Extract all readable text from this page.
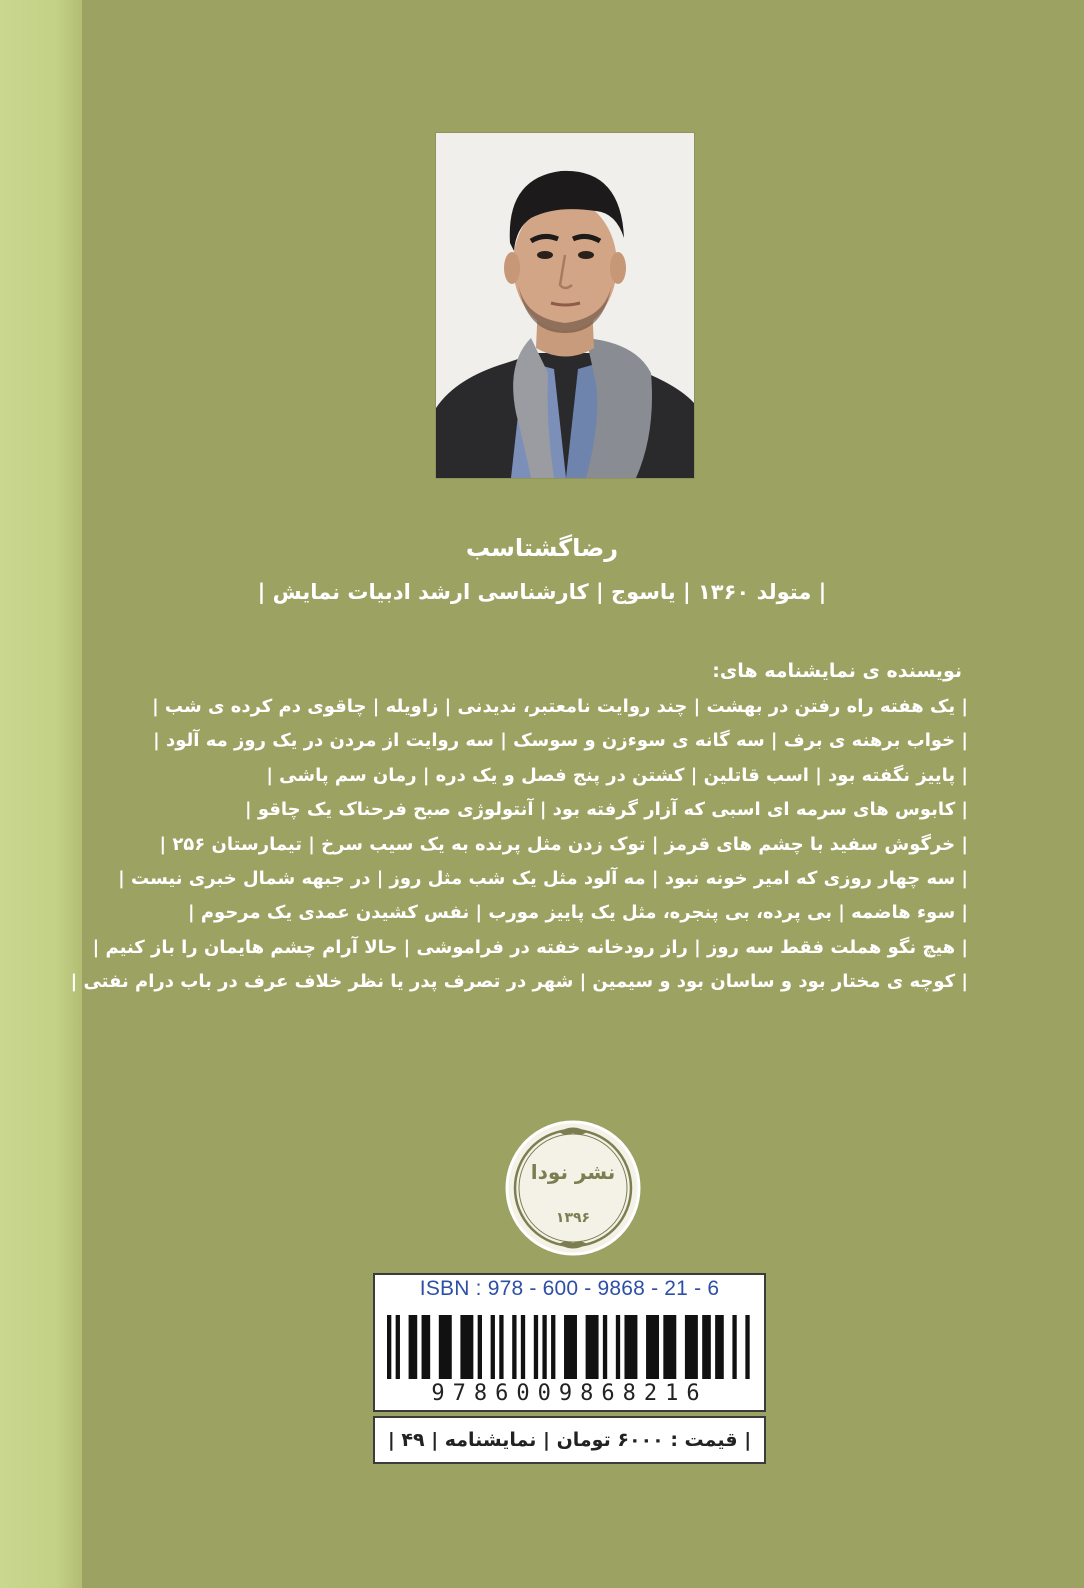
رضاگشتاسب
| متولد ۱۳۶۰ | یاسوج | کارشناسی ارشد ادبیات نمایش |
نویسنده ی نمایشنامه های:
| یک هفته راه رفتن در بهشت | چند روایت نامعتبر، ندیدنی | زاویله | چاقوی دم کرده ی شب |
| خواب برهنه ی برف | سه گانه ی سوءزن و سوسک | سه روایت از مردن در یک روز مه آلود |
| پاییز نگفته بود | اسب قاتلین | کشتن در پنج فصل و یک دره | رمان سم پاشی |
| کابوس های سرمه ای اسبی که آزار گرفته بود | آنتولوژی صبح فرحناک یک چاقو |
| خرگوش سفید با چشم های قرمز | توک زدن مثل پرنده به یک سیب سرخ | تیمارستان ۲۵۶ |
| سه چهار روزی که امیر خونه نبود | مه آلود مثل یک شب مثل روز | در جبهه شمال خبری نیست |
| سوء هاضمه | بی پرده، بی پنجره، مثل یک پاییز مورب | نفس کشیدن عمدی یک مرحوم |
| هیچ نگو هملت فقط سه روز | راز رودخانه خفته در فراموشی | حالا آرام چشم هایمان را باز کنیم |
| کوچه ی مختار بود و ساسان بود و سیمین | شهر در تصرف پدر یا نظر خلاف عرف در باب درام نفتی |
نشر نودا
۱۳۹۶
ISBN : 978 - 600 - 9868 - 21 - 6
9786009868216
| قیمت : ۶۰۰۰ تومان | نمایشنامه | ۴۹ |
